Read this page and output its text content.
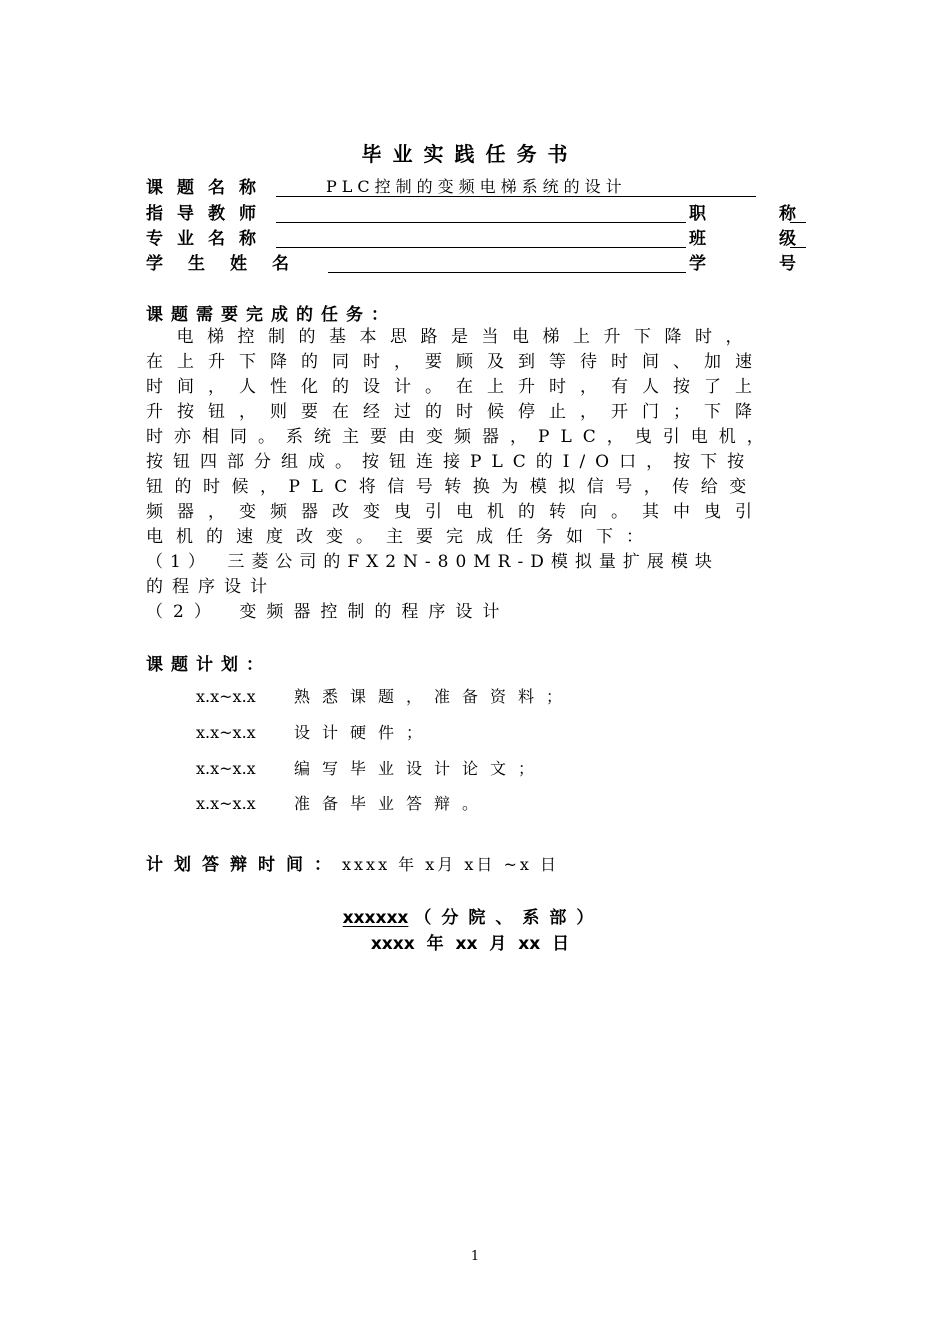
毕业实践任务书
课题名称	PLC控制的变频电梯系统的设计
指导教师	职　称
专业名称	班　级
学　生　姓　名	学　号
课题需要完成的任务：
　电梯控制的基本思路是当电梯上升下降时，
在上升下降的同时，要顾及到等待时间、加速
时间，人性化的设计。在上升时，有人按了上
升按钮，则要在经过的时候停止，开门；下降
时亦相同。系统主要由变频器，PLC，曳引电机，
按钮四部分组成。按钮连接PLC的I/O口，按下按
钮的时候，PLC将信号转换为模拟信号，传给变
频器，变频器改变曳引电机的转向。其中曳引
电机的速度改变。主要完成任务如下：
（1）　三菱公司的FX2N-80MR-D模拟量扩展模块
的程序设计
（2）　变频器控制的程序设计
课题计划：
x.x~x.x 熟悉课题，准备资料；
x.x~x.x 设计硬件；
x.x~x.x 编写毕业设计论文；
x.x~x.x 准备毕业答辩。
计划答辩时间：xxxx 年 x月 x日 ~x 日
xxxxxx （分院、系部）
xxxx 年 xx 月 xx 日
1
